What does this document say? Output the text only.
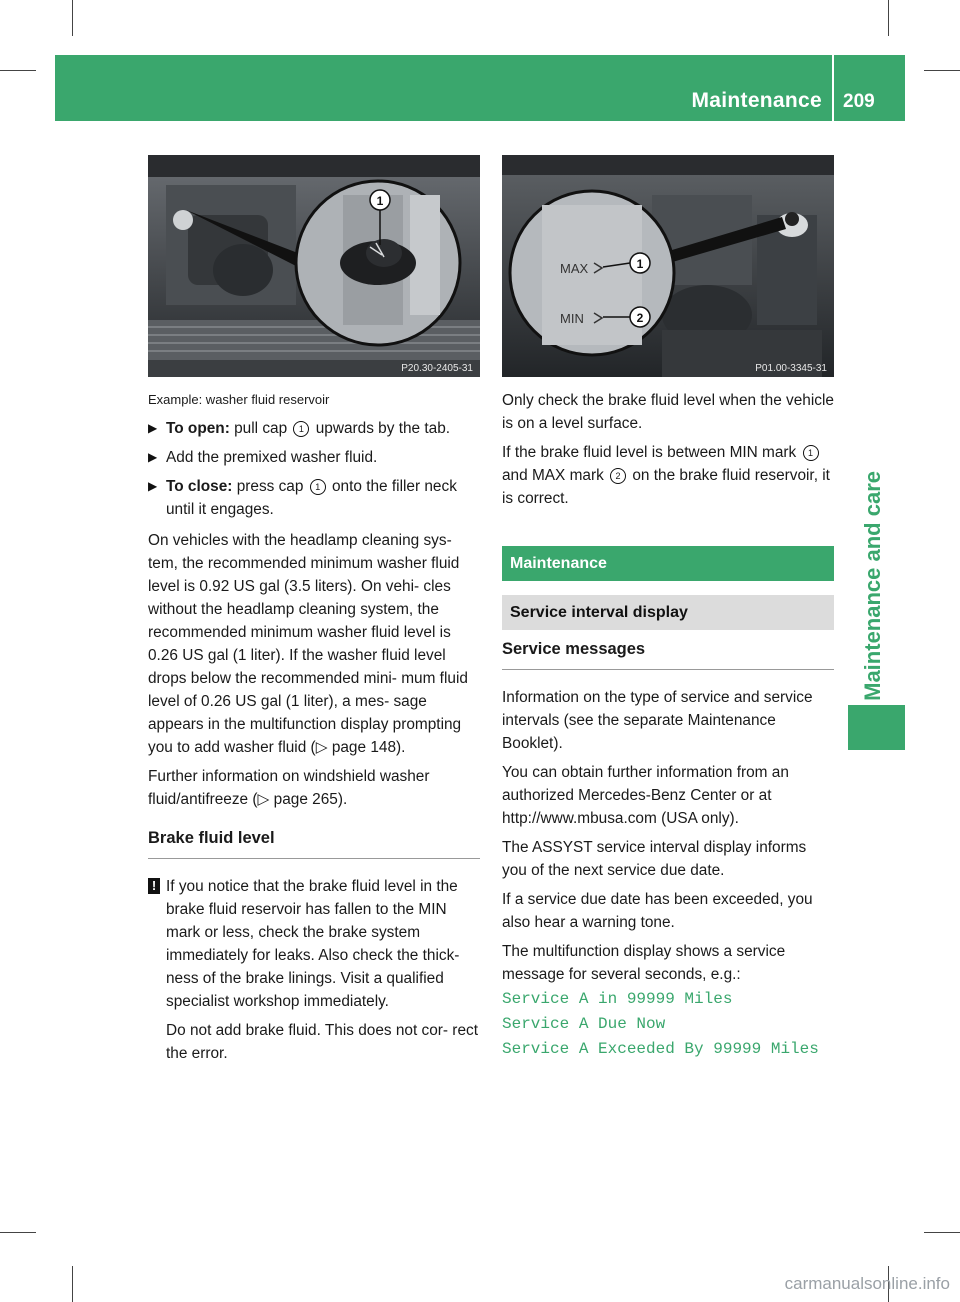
Maintenance 209
Maintenance and care
1
P20.30-2405-31
Example: washer fluid reservoir
▶ To open: pull cap 1 upwards by the tab.
▶ Add the premixed washer fluid.
▶ To close: press cap 1 onto the filler neck until it engages.

On vehicles with the headlamp cleaning sys- tem, the recommended minimum washer fluid level is 0.92 US gal (3.5 liters). On vehi- cles without the headlamp cleaning system, the recommended minimum washer fluid level is 0.26 US gal (1 liter). If the washer fluid level drops below the recommended mini- mum fluid level of 0.26 US gal (1 liter), a mes- sage appears in the multifunction display prompting you to add washer fluid (▷ page 148).

Further information on windshield washer fluid/antifreeze (▷ page 265).

Brake fluid level
! If you notice that the brake fluid level in the brake fluid reservoir has fallen to the MIN mark or less, check the brake system immediately for leaks. Also check the thick- ness of the brake linings. Visit a qualified specialist workshop immediately.

Do not add brake fluid. This does not cor- rect the error.

MAX
MIN
1
2
P01.00-3345-31

Only check the brake fluid level when the vehicle is on a level surface.

If the brake fluid level is between MIN mark 1 and MAX mark 2 on the brake fluid reservoir, it is correct.

Maintenance
Service interval display
Service messages

Information on the type of service and service intervals (see the separate Maintenance Booklet).

You can obtain further information from an authorized Mercedes-Benz Center or at http://www.mbusa.com (USA only).

The ASSYST service interval display informs you of the next service due date.

If a service due date has been exceeded, you also hear a warning tone.

The multifunction display shows a service message for several seconds, e.g.:

Service A in 99999 Miles
Service A Due Now
Service A Exceeded By 99999 Miles
carmanualsonline.info
